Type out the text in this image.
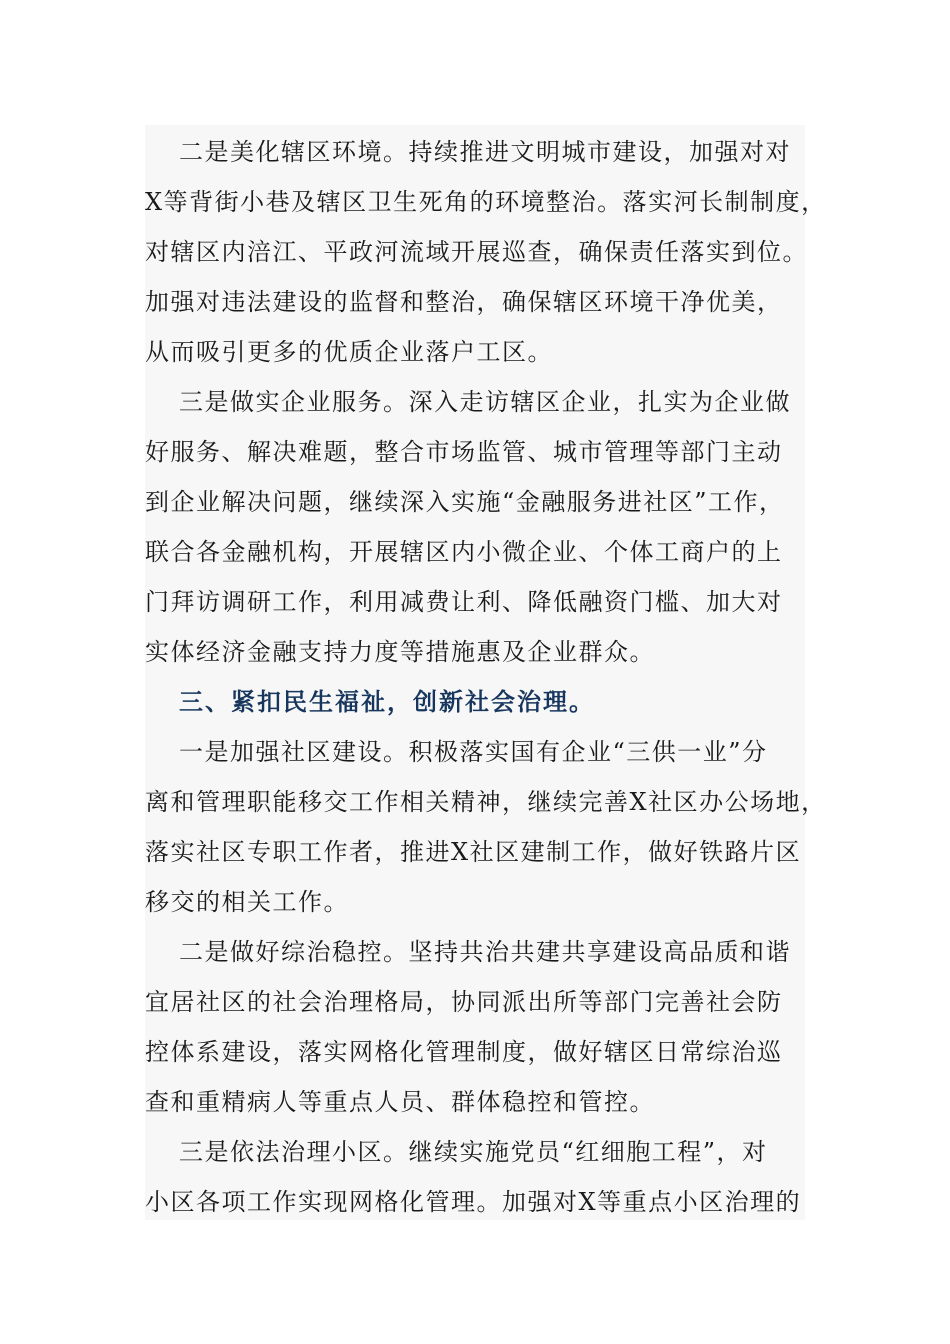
二是美化辖区环境。持续推进文明城市建设，加强对对
X等背街小巷及辖区卫生死角的环境整治。落实河长制制度，
对辖区内涪江、平政河流域开展巡查，确保责任落实到位。
加强对违法建设的监督和整治，确保辖区环境干净优美，
从而吸引更多的优质企业落户工区。
三是做实企业服务。深入走访辖区企业，扎实为企业做
好服务、解决难题，整合市场监管、城市管理等部门主动
到企业解决问题，继续深入实施“金融服务进社区”工作，
联合各金融机构，开展辖区内小微企业、个体工商户的上
门拜访调研工作，利用减费让利、降低融资门槛、加大对
实体经济金融支持力度等措施惠及企业群众。
三、紧扣民生福祉，创新社会治理。
一是加强社区建设。积极落实国有企业“三供一业”分
离和管理职能移交工作相关精神，继续完善X社区办公场地，
落实社区专职工作者，推进X社区建制工作，做好铁路片区
移交的相关工作。
二是做好综治稳控。坚持共治共建共享建设高品质和谐
宜居社区的社会治理格局，协同派出所等部门完善社会防
控体系建设，落实网格化管理制度，做好辖区日常综治巡
查和重精病人等重点人员、群体稳控和管控。
三是依法治理小区。继续实施党员“红细胞工程”，对
小区各项工作实现网格化管理。加强对X等重点小区治理的
